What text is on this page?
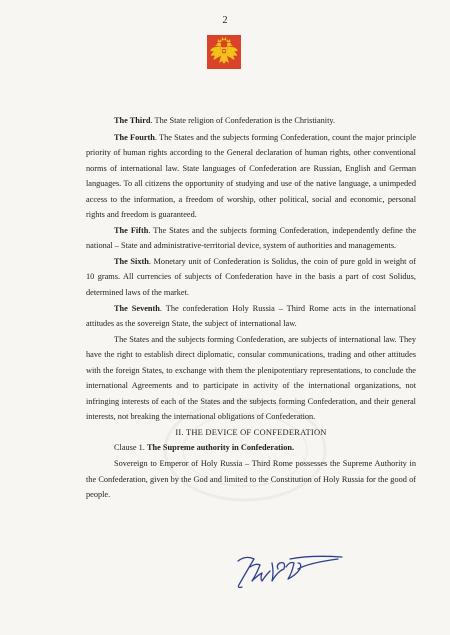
2

The Third. The State religion of Confederation is the Christianity.

The Fourth. The States and the subjects forming Confederation, count the major principle priority of human rights according to the General declaration of human rights, other conventional norms of international law. State languages of Confederation are Russian, English and German languages. To all citizens the opportunity of studying and use of the native language, a unimpeded access to the information, a freedom of worship, other political, social and economic, personal rights and freedom is guaranteed.

The Fifth. The States and the subjects forming Confederation, independently define the national – State and administrative-territorial device, system of authorities and managements.

The Sixth. Monetary unit of Confederation is Solidus, the coin of pure gold in weight of 10 grams. All currencies of subjects of Confederation have in the basis a part of cost Solidus, determined laws of the market.

The Seventh. The confederation Holy Russia – Third Rome acts in the international attitudes as the sovereign State, the subject of international law.

The States and the subjects forming Confederation, are subjects of international law. They have the right to establish direct diplomatic, consular communications, trading and other attitudes with the foreign States, to exchange with them the plenipotentiary representations, to conclude the international Agreements and to participate in activity of the international organizations, not infringing interests of each of the States and the subjects forming Confederation, and their general interests, not breaking the international obligations of Confederation.

II. THE DEVICE OF CONFEDERATION

Clause 1. The Supreme authority in Confederation.

Sovereign to Emperor of Holy Russia – Third Rome possesses the Supreme Authority in the Confederation, given by the God and limited to the Constitution of Holy Russia for the good of people.
